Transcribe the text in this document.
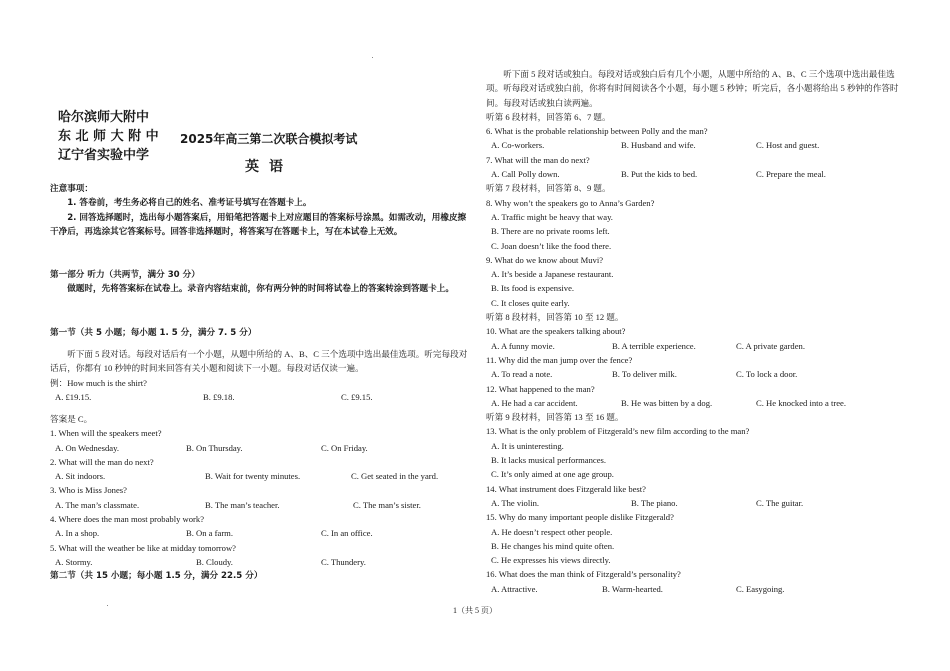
哈尔滨师大附中
东 北 师 大 附 中
辽宁省实验中学
2025年高三第二次联合模拟考试
英语
注意事项：
1. 答卷前，考生务必将自己的姓名、准考证号填写在答题卡上。
2. 回答选择题时，选出每小题答案后，用铅笔把答题卡上对应题目的答案标号涂黑。如需改动，用橡皮擦干净后，再选涂其它答案标号。回答非选择题时，将答案写在答题卡上，写在本试卷上无效。
第一部分 听力（共两节，满分 30 分）
做题时，先将答案标在试卷上。录音内容结束前，你有两分钟的时间将试卷上的答案转涂到答题卡上。
第一节（共 5 小题；每小题 1. 5 分，满分 7. 5 分）
听下面 5 段对话。每段对话后有一个小题，从题中所给的 A、B、C 三个选项中选出最佳选项。听完每段对话后，你都有 10 秒钟的时间来回答有关小题和阅读下一小题。每段对话仅读一遍。
例：How much is the shirt?
A. £19.15.	B. £9.18.	C. £9.15.
答案是 C。
1. When will the speakers meet?
A. On Wednesday.	B. On Thursday.	C. On Friday.
2. What will the man do next?
A. Sit indoors.	B. Wait for twenty minutes.	C. Get seated in the yard.
3. Who is Miss Jones?
A. The man’s classmate.	B. The man’s teacher.	C. The man’s sister.
4. Where does the man most probably work?
A. In a shop.	B. On a farm.	C. In an office.
5. What will the weather be like at midday tomorrow?
A. Stormy.	B. Cloudy.	C. Thundery.
第二节（共 15 小题；每小题 1.5 分，满分 22.5 分）
听下面 5 段对话或独白。每段对话或独白后有几个小题，从题中所给的 A、B、C 三个选项中选出最佳选项。听每段对话或独白前，你将有时间阅读各个小题，每小题 5 秒钟；听完后，各小题将给出 5 秒钟的作答时间。每段对话或独白读两遍。
听第 6 段材料，回答第 6、7 题。
6. What is the probable relationship between Polly and the man?
A. Co-workers.	B. Husband and wife.	C. Host and guest.
7. What will the man do next?
A. Call Polly down.	B. Put the kids to bed.	C. Prepare the meal.
听第 7 段材料，回答第 8、9 题。
8. Why won’t the speakers go to Anna’s Garden?
A. Traffic might be heavy that way.
B. There are no private rooms left.
C. Joan doesn’t like the food there.
9. What do we know about Muvi?
A. It’s beside a Japanese restaurant.
B. Its food is expensive.
C. It closes quite early.
听第 8 段材料，回答第 10 至 12 题。
10. What are the speakers talking about?
A. A funny movie.	B. A terrible experience.	C. A private garden.
11. Why did the man jump over the fence?
A. To read a note.	B. To deliver milk.	C. To lock a door.
12. What happened to the man?
A. He had a car accident.	B. He was bitten by a dog.	C. He knocked into a tree.
听第 9 段材料，回答第 13 至 16 题。
13. What is the only problem of Fitzgerald’s new film according to the man?
A. It is uninteresting.
B. It lacks musical performances.
C. It’s only aimed at one age group.
14. What instrument does Fitzgerald like best?
A. The violin.	B. The piano.	C. The guitar.
15. Why do many important people dislike Fitzgerald?
A. He doesn’t respect other people.
B. He changes his mind quite often.
C. He expresses his views directly.
16. What does the man think of Fitzgerald’s personality?
A. Attractive.	B. Warm-hearted.	C. Easygoing.
1（共 5 页）
